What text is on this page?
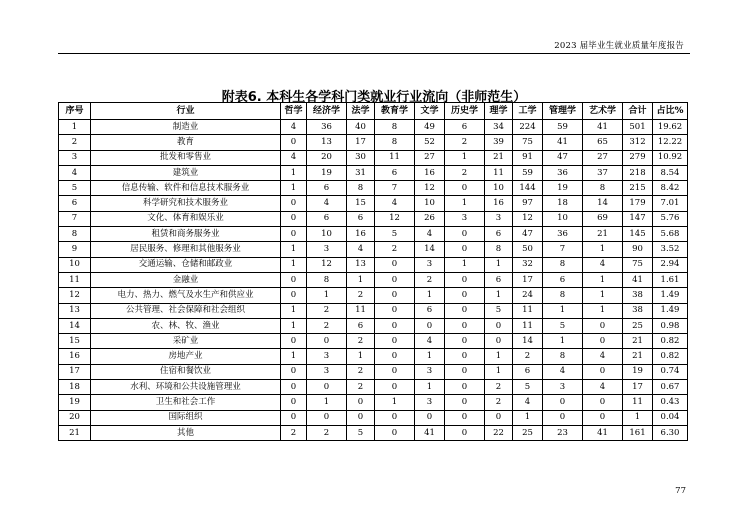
2023 届毕业生就业质量年度报告
附表6. 本科生各学科门类就业行业流向（非师范生）
序号	行业	哲学	经济学	法学	教育学	文学	历史学	理学	工学	管理学	艺术学	合计	占比%
1	制造业	4	36	40	8	49	6	34	224	59	41	501	19.62
2	教育	0	13	17	8	52	2	39	75	41	65	312	12.22
3	批发和零售业	4	20	30	11	27	1	21	91	47	27	279	10.92
4	建筑业	1	19	31	6	16	2	11	59	36	37	218	8.54
5	信息传输、软件和信息技术服务业	1	6	8	7	12	0	10	144	19	8	215	8.42
6	科学研究和技术服务业	0	4	15	4	10	1	16	97	18	14	179	7.01
7	文化、体育和娱乐业	0	6	6	12	26	3	3	12	10	69	147	5.76
8	租赁和商务服务业	0	10	16	5	4	0	6	47	36	21	145	5.68
9	居民服务、修理和其他服务业	1	3	4	2	14	0	8	50	7	1	90	3.52
10	交通运输、仓储和邮政业	1	12	13	0	3	1	1	32	8	4	75	2.94
11	金融业	0	8	1	0	2	0	6	17	6	1	41	1.61
12	电力、热力、燃气及水生产和供应业	0	1	2	0	1	0	1	24	8	1	38	1.49
13	公共管理、社会保障和社会组织	1	2	11	0	6	0	5	11	1	1	38	1.49
14	农、林、牧、渔业	1	2	6	0	0	0	0	11	5	0	25	0.98
15	采矿业	0	0	2	0	4	0	0	14	1	0	21	0.82
16	房地产业	1	3	1	0	1	0	1	2	8	4	21	0.82
17	住宿和餐饮业	0	3	2	0	3	0	1	6	4	0	19	0.74
18	水利、环境和公共设施管理业	0	0	2	0	1	0	2	5	3	4	17	0.67
19	卫生和社会工作	0	1	0	1	3	0	2	4	0	0	11	0.43
20	国际组织	0	0	0	0	0	0	0	1	0	0	1	0.04
21	其他	2	2	5	0	41	0	22	25	23	41	161	6.30
77
